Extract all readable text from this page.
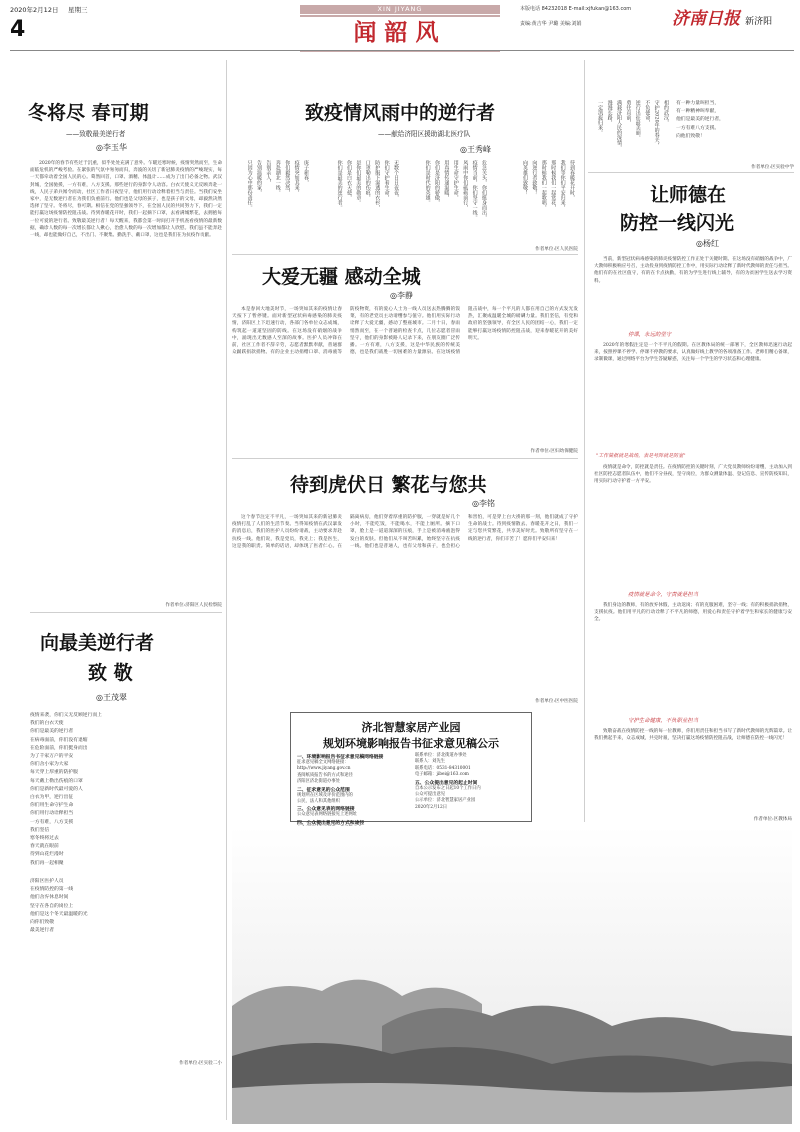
2020年2月12日 星期三
4
XIN JIYANG
闻韶风
本版电话 84232018 E-mail:xjfukan@163.com
责编:黄吉华 尹璐 美编:刘娟	济南日报 新济阳
冬将尽 春可期
——致敬最美逆行者
◎李玉华
2020年的春节有些过于沉重，似乎处处充满了意外。乍暖还寒时候，疫情突然而至，生命面临危机的严峻考验。在紧张的气氛中匆匆而归，奔波的关切了新冠肺炎疫情的严峻现实，每一天都牵动着全国人民的心。蓦然回首，口罩、酒精、体温计……成为了出门必备之物。武汉封城，全国驰援，一方有难，八方支援。那些逆行的身影令人动容。白衣天使义无反顾奔赴一线，人民子弟兵闻令而动，社区工作者日夜坚守，他们用行动诠释着担当与责任。当我们安坐家中，是无数逆行者在为我们负重前行。他们也是父母的孩子，也是孩子的父母，却毅然决然选择了坚守。冬将尽，春可期。相信在党的坚强领导下，在全国人民的共同努力下，我们一定能打赢这场疫情防控阻击战。待到春暖花开时，我们一起摘下口罩，去看满城繁花，去拥抱每一位可爱的逆行者。致敬最美逆行者！每天醒来，我都会第一时间打开手机查看疫情的最新数据，确诊人数的每一次增长都让人揪心，治愈人数的每一次增加都让人欣慰。我们虽不能奔赴一线，却也能做好自己，不出门、不聚集、勤洗手、戴口罩，这也是我们在为抗疫作贡献。
作者单位:济阳区人民检察院
向最美逆行者
致 敬
◎王茂翠
疫情来袭，你们义无反顾逆行而上
我们的白衣天使
你们是最美的逆行者
在病毒面前，你们没有退缩
在危险面前，你们挺身而出
为了千家万户的平安
你们舍小家为大家
每天穿上厚重的防护服
每天戴上勒出伤痕的口罩
你们是新时代最可爱的人
白衣为甲，逆行出征
你们用生命守护生命
你们用行动诠释担当
一方有难，八方支援
我们坚信
寒冬终将过去
春天就在眼前
待到山花烂漫时
我们再一起相聚
济阳区医护人员
在疫情防控的第一线
他们舍弃休息时间
坚守在各自的岗位上
他们是这个冬天最温暖的光
向你们致敬
最美逆行者
作者单位:区实验二小
致疫情风雨中的逆行者
——献给济阳区援助湖北医疗队
◎王秀峰
庚子新春，
疫情突如其来，
你们毅然决然，
奔赴湖北一线。
告别亲人，
告别温暖的家，
只因为心中那份责任。	无数个日日夜夜，
你们守护着生命，
防护服下湿透的衣衫，
口罩勒出的伤痕，
是你们最美的勋章。
你们是白衣天使，
你们是最美的逆行者。	危急关头，你们挺身而出，
疫情当前，你们坚守一线。
风雨中你们砥砺前行，
用生命守护生命，
用真情传递温暖，
你们是济阳的骄傲，
你们是时代的英雄。	待到春暖花开时，
我们等你们平安归来，
那时候我们一起赏花，
那时候我们一起歌唱，
向逆行者致敬！
向英雄们致敬！
作者单位:区人民医院
大爱无疆 感动全城
◎李静
本是春回大地美时节，一场突如其来的疫情让春天按下了暂停键。面对新型冠状病毒感染的肺炎疫情，济阳区上下迅速行动，各部门各单位众志成城，构筑起一道道坚固的防线。在这场没有硝烟的战争中，涌现出无数感人至深的故事。医护人员冲锋在前，社区工作者不辞辛劳，志愿者默默奉献，普通群众踊跃捐款捐物。有的企业主动捐赠口罩、消毒液等防疫物资，有的爱心人士为一线人员送去热腾腾的饭菜，有的老党员主动请缨参与值守。他们用实际行动诠释了大爱无疆，感动了整座城市。二月十日，春雨悄然而至，在一个普通的检查卡点，几位志愿者冒雨坚守，他们的身影被路人记录下来，在朋友圈广泛传播。一方有难，八方支援，这是中华民族的传统美德，也是我们战胜一切困难的力量源泉。在这场疫情阻击战中，每一个平凡的人都在用自己的方式发光发热，汇聚成温暖全城的磅礴力量。我们坚信，有党和政府的坚强领导，有全区人民的团结一心，我们一定能够打赢这场疫情防控阻击战，迎来春暖花开的美好明天。
作者单位:区妇幼保健院
待到虎伏日 繁花与您共
◎李铭
这个春节注定不平凡，一场突如其来的新冠肺炎疫情打乱了人们的生活节奏。当得知疫情在武汉暴发的消息后，我们的医护人员纷纷请战，主动要求奔赴抗疫一线。他们说，我是党员，我先上；我是医生，这是我的职责。简单的话语，却体现了医者仁心。在隔离病房，他们穿着厚重的防护服，一穿就是好几个小时，不能吃饭，不能喝水，不能上厕所。摘下口罩，脸上是一道道深深的压痕，手上是被消毒液泡得发白的皮肤。但他们从不叫苦叫累，始终坚守在抗疫一线。他们也是普通人，也有父母和孩子，也会担心和害怕，可是穿上白大褂的那一刻，他们就成了守护生命的战士。待到疫情散去、春暖花开之日，我们一定与您共赏繁花，共享美好时光。致敬所有坚守在一线的逆行者，你们辛苦了！愿你们平安归来！
作者单位:区中医医院
济北智慧家居产业园
规划环境影响报告书征求意见稿公示
一、环境影响报告书征求意见稿网络链接
征求意见稿全文网络链接：
http://www.jiyang.gov.cn
查阅纸质报告书的方式和途径
济阳区济北街道办事处
二、征求意见的公众范围
规划所在区域及评价范围内的
公民、法人和其他组织
三、公众意见表的网络链接
公众意见表网络链接见上述网址
四、公众提出意见的方式和途径
联系单位：济北街道办事处
联系人：刘先生
联系电话：0531-84310001
电子邮箱：jibei@163.com
五、公众提出意见的起止时间
自本公示发布之日起10个工作日内
公众可提出意见
公示单位：济北智慧家居产业园
2020年2月12日
有一种力量叫担当，
有一种精神叫奉献，
他们是最美的逆行者，
一方有难八方支援。
向他们致敬！
相约武汉，
守护2020年的春天，
不负使命，
逆行出征最美丽。
勇往直前，
满载济阳人民的深情，
漫漫长路，
一定凯旋归来。
作者单位:区实验中学
让师德在
防控一线闪光
◎杨红
当前，新型冠状病毒感染的肺炎疫情防控工作正处于关键时期。在这场没有硝烟的战争中，广大教师积极响应号召，主动投身到疫情防控工作中，用实际行动诠释了新时代教师的责任与担当。他们有的在社区值守，有的在卡点执勤，有的为学生进行线上辅导，有的为贫困学生送去学习资料。
停课，永远的坚守
2020年的寒假注定是一个不平凡的假期。在区教体局的统一部署下，全区教师迅速行动起来，按照停课不停学、停课不停教的要求，认真做好线上教学的各项准备工作。老师们精心备课，录制微课，通过网络平台为学生答疑解惑，关注每一个学生的学习状态和心理健康。
"工作简报就是战场，表是号阵就是防室"
疫情就是命令，防控就是责任。在疫情防控的关键时刻，广大党员教师纷纷请缨，主动加入到社区防控志愿者队伍中，他们不分昼夜，坚守岗位，为群众测量体温、登记信息、宣传防疫知识，用实际行动守护着一方平安。
疫情就是命令，守责就是担当
我们身边的教师，有的放弃休假，主动返岗；有的克服困难，坚守一线；有的积极捐款捐物，支援抗疫。他们用平凡的行动诠释了不平凡的师德，用爱心和责任守护着学生和家长的健康与安全。
守护生命健康，不负职业担当
致敬奋战在疫情防控一线的每一位教师，你们用责任和担当书写了新时代教师的光辉篇章。让我们携起手来，众志成城，共克时艰，坚决打赢这场疫情防控阻击战，让师德在防控一线闪光！
作者单位:区教体局
